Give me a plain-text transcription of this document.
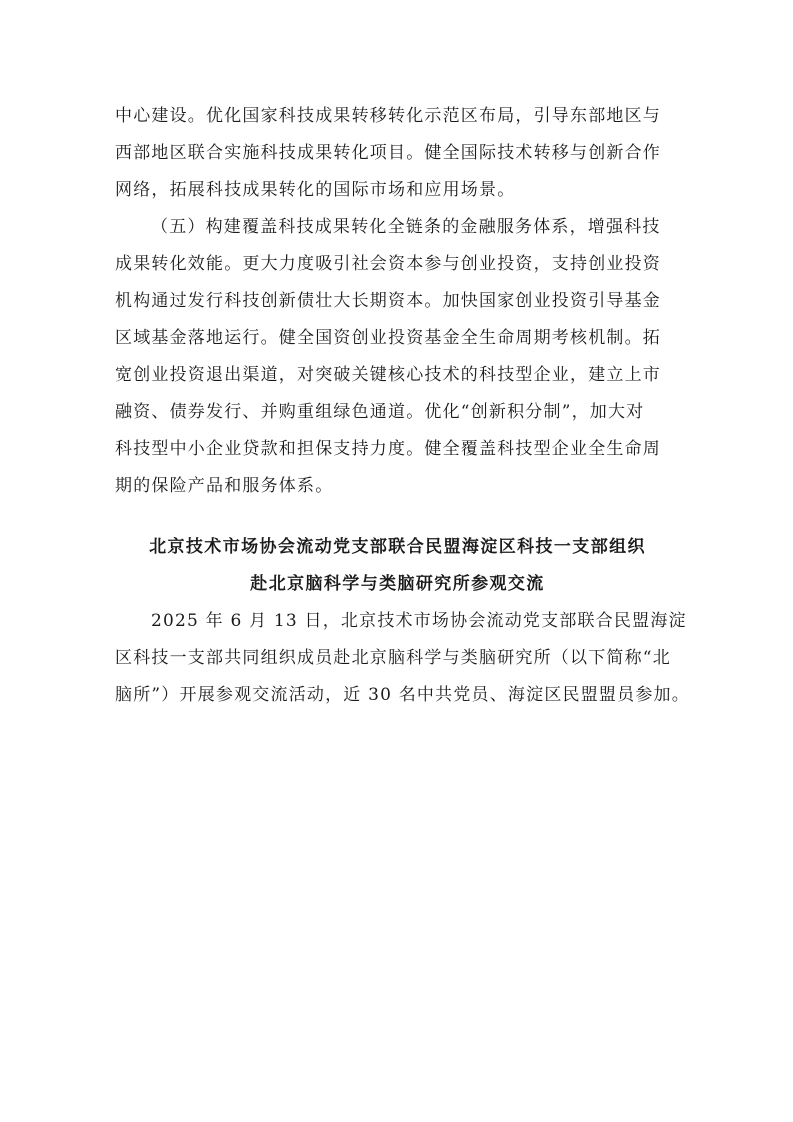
中心建设。优化国家科技成果转移转化示范区布局，引导东部地区与
西部地区联合实施科技成果转化项目。健全国际技术转移与创新合作
网络，拓展科技成果转化的国际市场和应用场景。
（五）构建覆盖科技成果转化全链条的金融服务体系，增强科技
成果转化效能。更大力度吸引社会资本参与创业投资，支持创业投资
机构通过发行科技创新债壮大长期资本。加快国家创业投资引导基金
区域基金落地运行。健全国资创业投资基金全生命周期考核机制。拓
宽创业投资退出渠道，对突破关键核心技术的科技型企业，建立上市
融资、债券发行、并购重组绿色通道。优化“创新积分制”，加大对
科技型中小企业贷款和担保支持力度。健全覆盖科技型企业全生命周
期的保险产品和服务体系。
北京技术市场协会流动党支部联合民盟海淀区科技一支部组织
赴北京脑科学与类脑研究所参观交流
2025 年 6 月 13 日，北京技术市场协会流动党支部联合民盟海淀
区科技一支部共同组织成员赴北京脑科学与类脑研究所（以下简称“北
脑所”）开展参观交流活动，近 30 名中共党员、海淀区民盟盟员参加。
